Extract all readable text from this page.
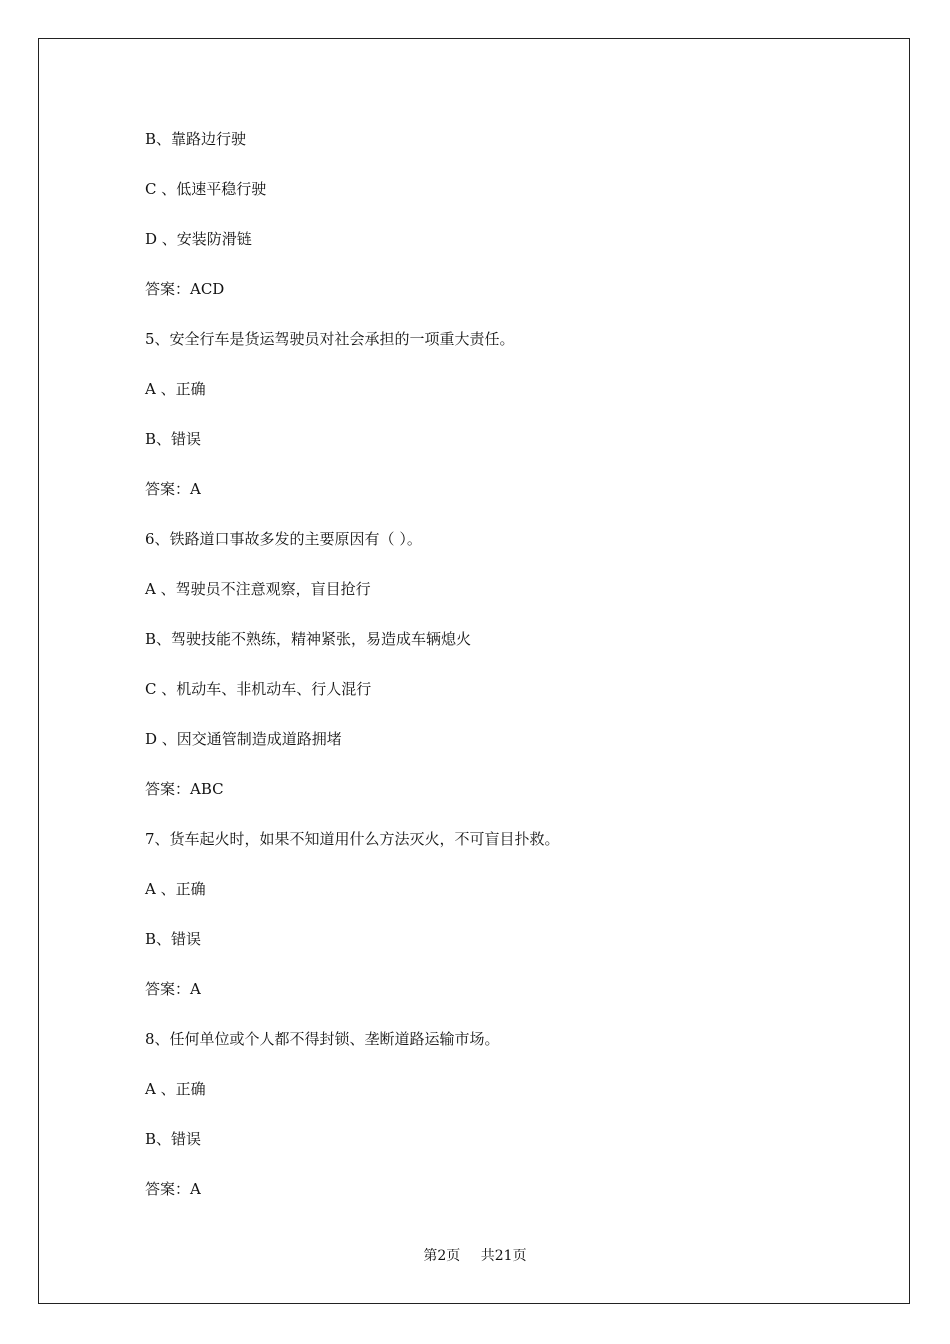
B、靠路边行驶
C 、低速平稳行驶
D 、安装防滑链
答案：ACD
5、安全行车是货运驾驶员对社会承担的一项重大责任。
A 、正确
B、错误
答案：A
6、铁路道口事故多发的主要原因有（ ）。
A 、驾驶员不注意观察，盲目抢行
B、驾驶技能不熟练，精神紧张，易造成车辆熄火
C 、机动车、非机动车、行人混行
D 、因交通管制造成道路拥堵
答案：ABC
7、货车起火时，如果不知道用什么方法灭火，不可盲目扑救。
A 、正确
B、错误
答案：A
8、任何单位或个人都不得封锁、垄断道路运输市场。
A 、正确
B、错误
答案：A
第2页 共21页
